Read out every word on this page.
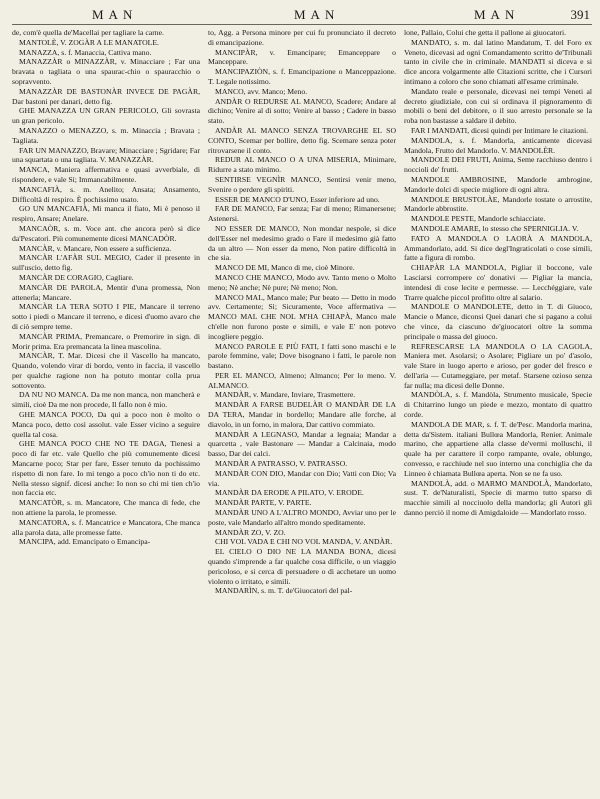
MAN	MAN	MAN	391

de, com'è quella de'Macellai per tagliare la carne.

MANTOLÈ, V. ZOGÀR A LE MANATOLE.

MANAZZA, s. f. Manaccia, Cattiva mano.

MANAZZÀR o MINAZZÀR, v. Minacciare ; Far una bravata o tagliata o una spaurac-chio o spauracchio o sopravvento.

MANAZZÀR DE BASTONÀR INVECE DE PAGÀR, Dar bastoni per danari, detto fig.

GHE MANAZZA UN GRAN PERICOLO, Gli sovrasta un gran pericolo.

MANAZZO o MENAZZO, s. m. Minaccia ; Bravata ; Tagliata.

FAR UN MANAZZO, Bravare; Minacciare ; Sgridare; Far una squartata o una tagliata. V. MANAZZÀR.

MANCA, Maniera affermativa e quasi avverbiale, di rispondere, e vale Sì; Immancabilmente.

MANCAFIÀ, s. m. Anelito; Ansata; Ansamento, Difficoltà di respiro. È pochissimo usato.

GO UN MANCAFIÀ, Mi manca il fiato, Mi è penoso il respiro, Ansare; Anelare.

MANCAÒR, s. m. Voce ant. che ancora però si dice da'Pescatori. Più comunemente dicesi MANCADÒR.

MANCÀR, v. Mancare, Non essere a sufficienza.

MANCÀR L'AFÀR SUL MEGIO, Cader il presente in sull'uscio, detto fig.

MANCÀR DE CORAGIO, Cagliare.

MANCÀR DE PAROLA, Mentir d'una promessa, Non attenerla; Mancare.

MANCÀR LA TERA SOTO I PIE, Mancare il terreno sotto i piedi o Mancare il terreno, e dicesi d'uomo avaro che di ciò sempre teme.

MANCÀR PRIMA, Premancare, o Premorire in sign. di Morir prima. Era premancata la linea mascolina.

MANCÀR, T. Mar. Dicesi che il Vascello ha mancato, Quando, volendo virar di bordo, vento in faccia, il vascello per qualche ragione non ha potuto montar colla prua sottovento.

DA NU NO MANCA. Da me non manca, non mancherà e simili, cioè Da me non procede, Il fallo non è mio.

GHE MANCA POCO, Da qui a poco non è molto o Manca poco, detto così assolut. vale Esser vicino a seguire quella tal cosa.

GHE MANCA POCO CHE NO TE DAGA, Tienesi a poco di far etc. vale Quello che più comunemente dicesi Mancarne poco; Star per fare, Esser tenuto da pochissimo rispetto di non fare. Io mi tengo a poco ch'io non ti do etc. Nella stesso signif. dicesi anche: Io non so chi mi tien ch'io non faccia etc.

MANCATÒR, s. m. Mancatore, Che manca di fede, che non attiene la parola, le promesse.

MANCATORA, s. f. Mancatrice e Mancatora, Che manca alla parola data, alle promesse fatte.

MANCIPA, add. Emancipato o Emancipa-

to, Agg. a Persona minore per cui fu pronunciato il decreto di emancipazione.

MANCIPÀR, v. Emancipare; Emanceppare o Manceppare.

MANCIPAZIÒN, s. f. Emancipazione o Manceppazione. T. Legale notissimo.

MANCO, avv. Manco; Meno.

ANDÀR O REDURSE AL MANCO, Scadere; Andare al dichino; Venire al di sotto; Venire al basso ; Cadere in basso stato.

ANDÀR AL MANCO SENZA TROVARGHE EL SO CONTO, Scemar per bollire, detto fig. Scemare senza poter ritrovarsene il conto.

REDUR AL MANCO O A UNA MISERIA, Minimare, Ridurre a stato minimo.

SENTIRSE VEGNÌR MANCO, Sentirsi venir meno, Svenire o perdere gli spiriti.

ESSER DE MANCO D'UNO, Esser inferiore ad uno.

FAR DE MANCO, Far senza; Far di meno; Rimanersene; Astenersi.

NO ESSER DE MANCO, Non mondar nespole, si dice dell'Esser nel medesimo grado o Fare il medesimo già fatto da un altro — Non esser da meno, Non patire difficoltà in che sia.

MANCO DE MI, Manco di me, cioè Minore.

MANCO CHE MANCO, Modo avv. Tanto meno o Molto meno; Nè anche; Nè pure; Nè meno; Non.

MANCO MAL, Manco male; Pur beato — Detto in modo avv. Certamente; Sì; Sicuramente, Voce affermativa — MANCO MAL CHE NOL M'HA CHIAPÀ, Manco male ch'elle non furono poste e simili, e vale E' non potevo incogliere peggio.

MANCO PAROLE E PIÙ FATI, I fatti sono maschi e le parole femmine, vale; Dove bisognano i fatti, le parole non bastano.

PER EL MANCO, Almeno; Almanco; Per lo meno. V. ALMANCO.

MANDÀR, v. Mandare, Inviare, Trasmettere.

MANDÀR A FARSE BUDELÀR O MANDÀR DE LA DA TERA, Mandar in bordello; Mandare alle forche, al diavolo, in un forno, in malora, Dar cattivo commiato.

MANDÀR A LEGNASO, Mandar a legnaia; Mandar a quarcetta , vale Bastonare — Mandar a Calcinaia, modo basso, Dar dei calci.

MANDÀR A PATRASSO, V. PATRASSO.

MANDÀR CON DIO, Mandar con Dio; Vatti con Dio; Va via.

MANDÀR DA ERODE A PILATO, V. ERODE.

MANDÀR PARTE, V. PARTE.

MANDÀR UNO A L'ALTRO MONDO, Avviar uno per le poste, vale Mandarlo all'altro mondo speditamente.

MANDÀR ZO, V. ZO.

CHI VOL VADA E CHI NO VOL MANDA, V. ANDÀR.

EL CIELO O DIO NE LA MANDA BONA, dicesi quando s'imprende a far qualche cosa difficile, o un viaggio pericoloso, e si cerca di persuadere o di acchetare un uomo violento o irritato, e simili.

MANDARÌN, s. m. T. de'Giuocatori del pal-

lone, Pallaio, Colui che getta il pallone ai giuocatori.

MANDATO, s. m. dal latino Mandatum, T. del Foro ex Veneto, dicevasi ad ogni Comandamento scritto de'Tribunali tanto in civile che in criminale. MANDATI si diceva e si dice ancora volgarmente alle Citazioni scritte, che i Cursori intimano a coloro che sono chiamati all'esame criminale.

Mandato reale e personale, dicevasi nei tempi Veneti al decreto giudiziale, con cui si ordinava il pignoramento di mobili o beni del debitore, o il suo arresto personale se la roba non bastasse a saldare il debito.

FAR I MANDATI, dicesi quindi per Intimare le citazioni.

MANDOLA, s. f. Mandorla, anticamente dicevasi Mandola, Frutto del Mandorlo. V. MANDOLÈR.

MANDOLE DEI FRUTI, Anima, Seme racchiuso dentro i noccioli de' frutti.

MANDOLE AMBROSINE, Mandorle ambrogine, Mandorle dolci di specie migliore di ogni altra.

MANDOLE BRUSTOLÀE, Mandorle tostate o arrostite, Mandorle abbrostite.

MANDOLE PESTE, Mandorle schiacciate.

MANDOLE AMARE, lo stesso che SPERNIGLIA. V.

FATO A MANDOLA O LAORÀ A MANDOLA, Ammandorlato, add. Si dice degl'Ingraticolati o cose simili, fatte a figura di rombo.

CHIAPÀR LA MANDOLA, Pigliar il boccone, vale Lasciarsi corrompere co' donativi — Pigliar la mancia, intendesi di cose lecite e permesse. — Lecchéggiare, vale Trarre qualche piccol profitto oltre al salario.

MANDOLE O MANDOLETE, detto in T. di Giuoco, Mancie o Mance, diconsi Quei danari che si pagano a colui che vince, da ciascuno de'giuocatori oltre la somma principale o massa del giuoco.

REFRESCARSE LA MANDOLA O LA CAGOLA, Maniera met. Asolarsi; o Asolare; Pigliare un po' d'asolo, vale Stare in luogo aperto e arioso, per goder del fresco e dell'aria — Cutameggiare, per metaf. Starsene ozioso senza far nulla; ma dicesi delle Donne.

MANDÒLA, s. f. Mandòla, Strumento musicale, Specie di Chitarrino lungo un piede e mezzo, montato di quattro corde.

MANDOLA DE MAR, s. f. T. de'Pesc. Mandorla marina, detta da'Sistem. italiani Bullœa Mandorla, Renier. Animale marino, che appartiene alla classe de'vermi molluschi, il quale ha per carattere il corpo rampante, ovale, oblungo, convesso, e racchiude nel suo interno una conchiglia che da Linneo è chiamata Bullœa aperta. Non se ne fa uso.

MANDOLÀ, add. o MARMO MANDOLÀ, Mandorlato, sust. T. de'Naturalisti, Specie di marmo tutto sparso di macchie simili al nocciuolo della mandorla; gli Autori gli danno perciò il nome di Amigdaloide — Mandorlato rosso.
